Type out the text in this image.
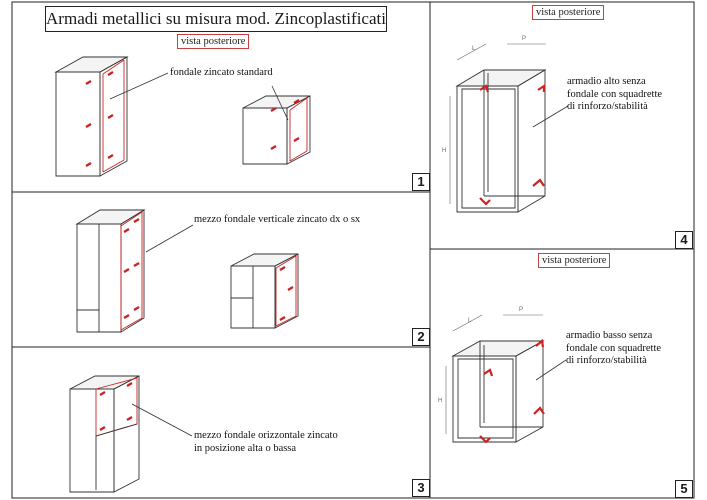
L
P
H
L
P
H
Armadi metallici su misura mod. Zincoplastificati
vista posteriore
fondale zincato standard
1
mezzo fondale verticale zincato dx o sx
2
mezzo fondale orizzontale zincato
in posizione alta o bassa
3
vista posteriore
armadio alto senza
fondale con squadrette
di rinforzo/stabilità
4
vista posteriore
armadio basso senza
fondale con squadrette
di rinforzo/stabilità
5
